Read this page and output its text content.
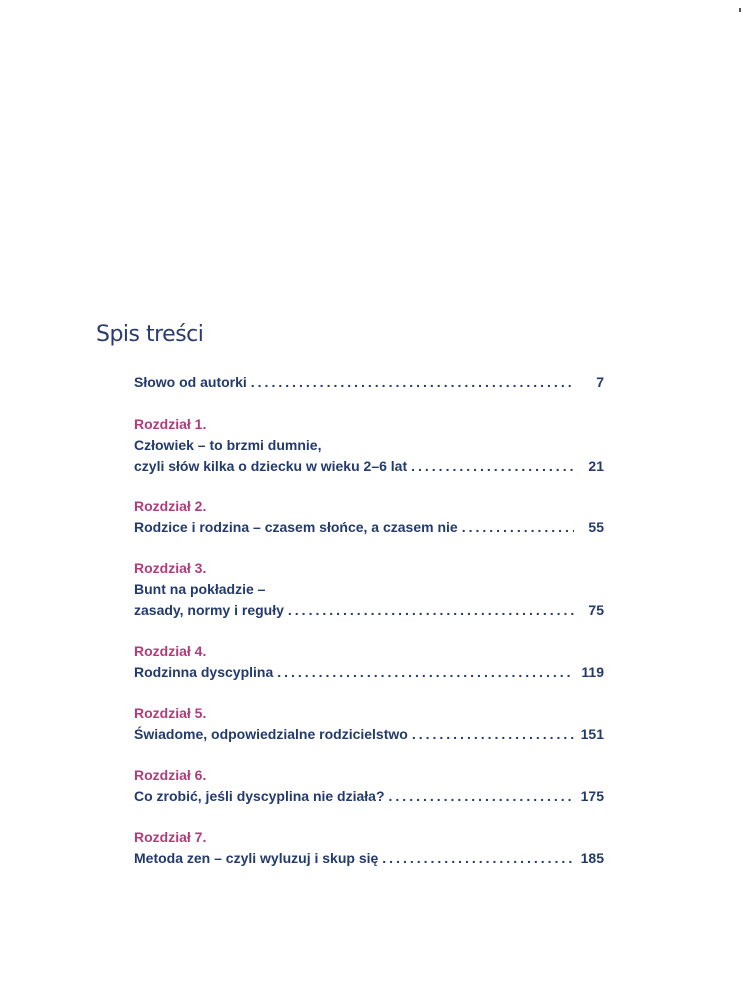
Spis treści
Słowo od autorki .....	7
Rozdział 1.
Człowiek – to brzmi dumnie,
czyli słów kilka o dziecku w wieku 2–6 lat .....	21
Rozdział 2.
Rodzice i rodzina – czasem słońce, a czasem nie .....	55
Rozdział 3.
Bunt na pokładzie –
zasady, normy i reguły .....	75
Rozdział 4.
Rodzinna dyscyplina .....	119
Rozdział 5.
Świadome, odpowiedzialne rodzicielstwo .....	151
Rozdział 6.
Co zrobić, jeśli dyscyplina nie działa? .....	175
Rozdział 7.
Metoda zen – czyli wyluzuj i skup się .....	185
